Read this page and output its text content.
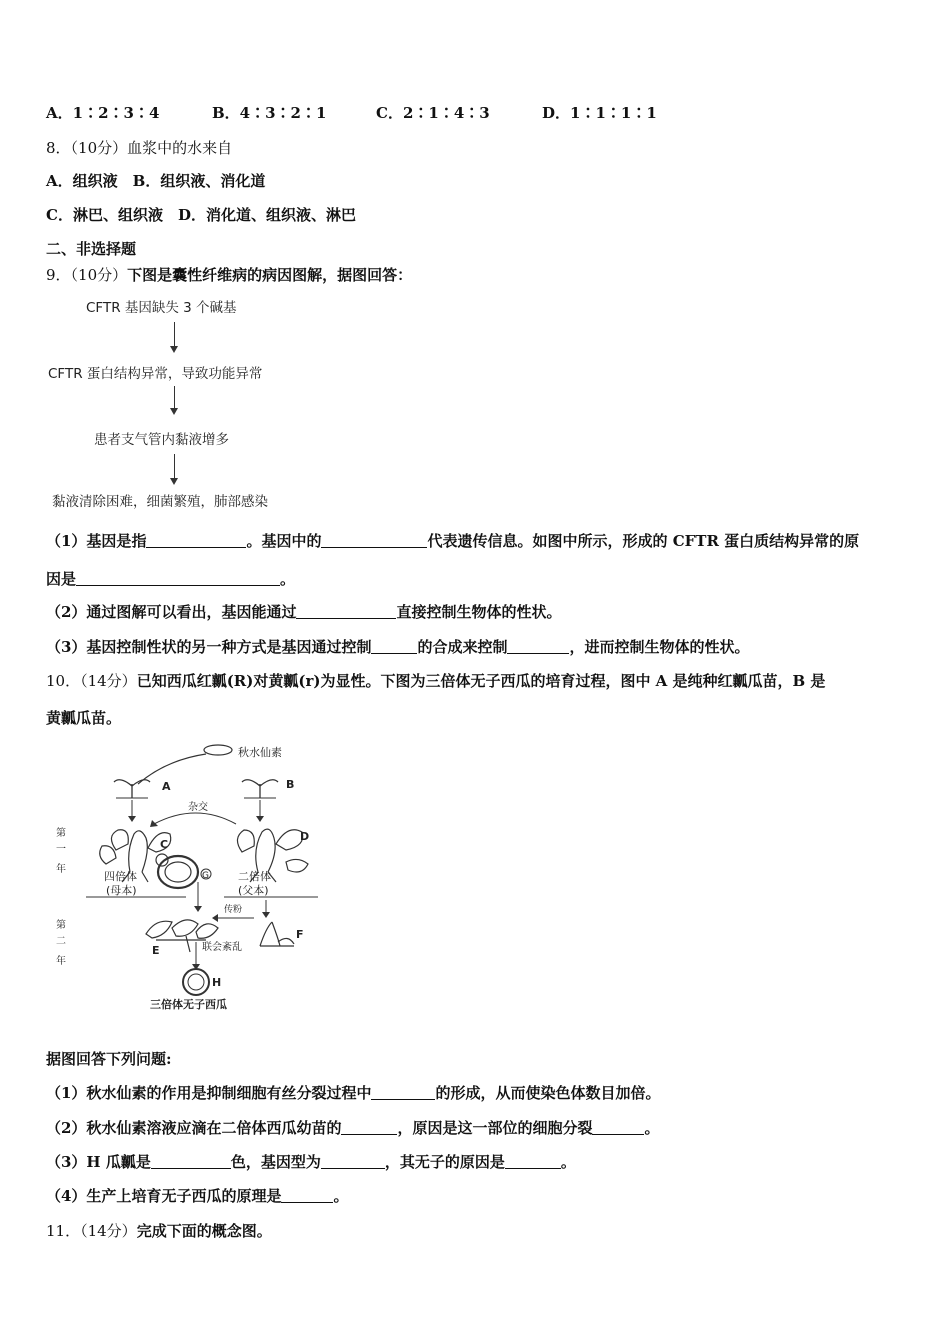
A．1∶2∶3∶4	B．4∶3∶2∶1	C．2∶1∶4∶3	D．1∶1∶1∶1
8．（10分）血浆中的水来自
A．组织液　B．组织液、消化道
C．淋巴、组织液　D．消化道、组织液、淋巴
二、非选择题
9．（10分）下图是囊性纤维病的病因图解，据图回答：
CFTR 基因缺失 3 个碱基
CFTR 蛋白结构异常，导致功能异常
患者支气管内黏液增多
黏液清除困难，细菌繁殖，肺部感染
（1）基因是指	。基因中的	代表遗传信息。如图中所示，形成的 CFTR 蛋白质结构异常的原
因是	。
（2）通过图解可以看出，基因能通过	直接控制生物体的性状。
（3）基因控制性状的另一种方式是基因通过控制	的合成来控制	，进而控制生物体的性状。
10．（14分）已知西瓜红瓤(R)对黄瓤(r)为显性。下图为三倍体无子西瓜的培育过程，图中 A 是纯种红瓤瓜苗，B 是
黄瓤瓜苗。
秋水仙素
A	B
杂交
第
一
年
第
二
年
C
D
G
四倍体
(母本)
二倍体
(父本)
传粉
E
F
联会紊乱
H
三倍体无子西瓜
据图回答下列问题:
（1）秋水仙素的作用是抑制细胞有丝分裂过程中	的形成，从而使染色体数目加倍。
（2）秋水仙素溶液应滴在二倍体西瓜幼苗的	，原因是这一部位的细胞分裂	。
（3）H 瓜瓤是	色，基因型为	，其无子的原因是	。
（4）生产上培育无子西瓜的原理是	。
11．（14分）完成下面的概念图。
